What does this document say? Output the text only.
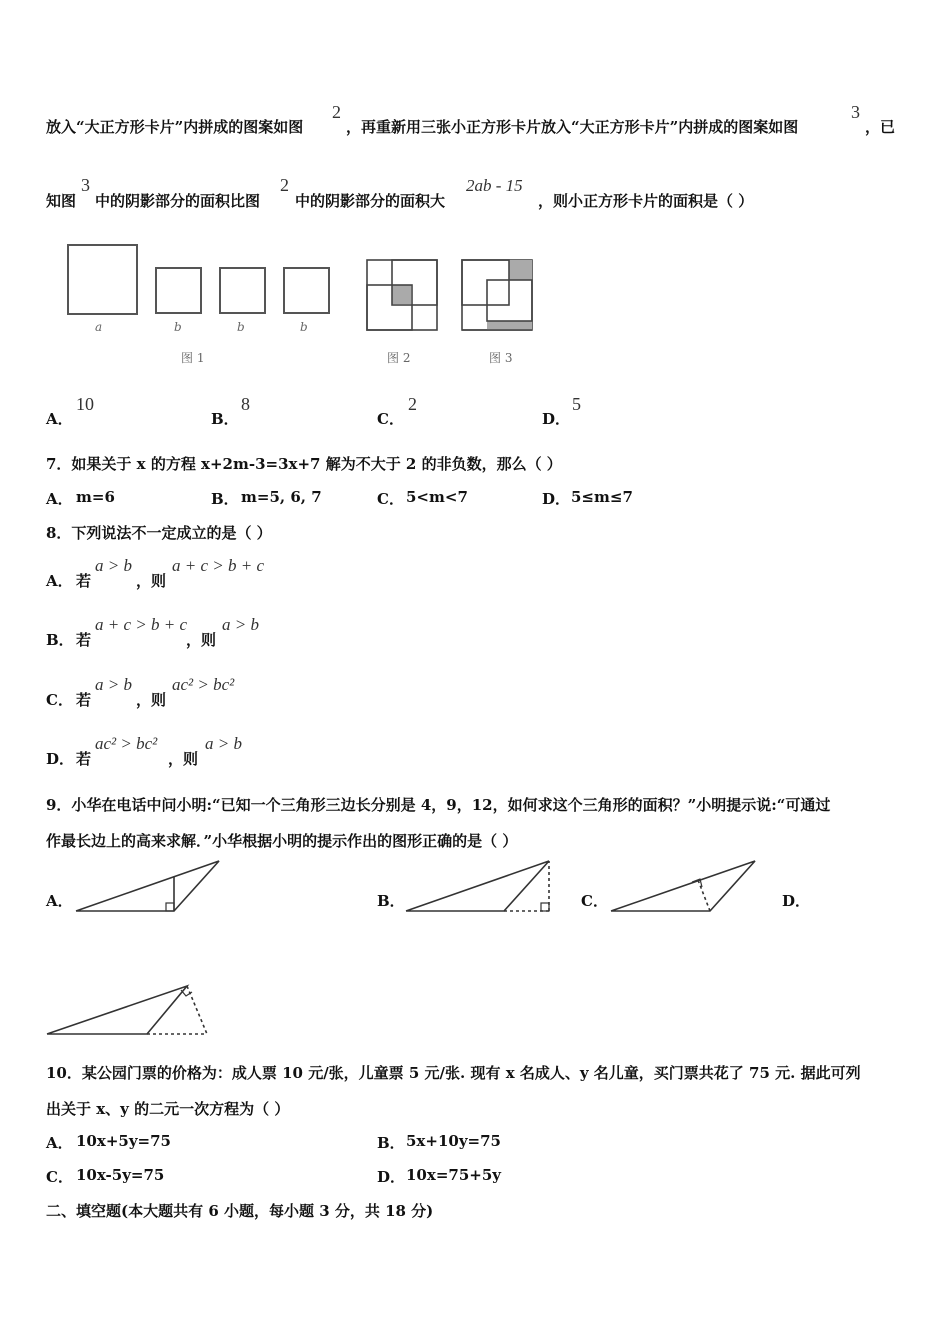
放入“大正方形卡片”内拼成的图案如图
2
，再重新用三张小正方形卡片放入“大正方形卡片”内拼成的图案如图
3
，已
知图
3
中的阴影部分的面积比图
2
中的阴影部分的面积大
2ab - 15
，则小正方形卡片的面积是（ ）
a	b	b	b
图 1	图 2	图 3
A．
10
B．
8
C．
2
D．
5
7．如果关于 x 的方程 x+2m-3=3x+7 解为不大于 2 的非负数，那么（ ）
A． m=6	B． m=5, 6, 7	C． 5<m<7	D． 5≤m≤7
8．下列说法不一定成立的是（ ）
A． 若
a > b
，则
a + c > b + c
B． 若
a + c > b + c
，则
a > b
C． 若
a > b
，则
ac² > bc²
D． 若
ac² > bc²
，则
a > b
9．小华在电话中问小明:“已知一个三角形三边长分别是 4，9，12，如何求这个三角形的面积？”小明提示说:“可通过
作最长边上的高来求解．”小华根据小明的提示作出的图形正确的是（ ）
A．	B．	C．	D．
10．某公园门票的价格为：成人票 10 元/张，儿童票 5 元/张. 现有 x 名成人、y 名儿童，买门票共花了 75 元. 据此可列
出关于 x、y 的二元一次方程为（ ）
A． 10x+5y=75	B． 5x+10y=75
C． 10x-5y=75	D． 10x=75+5y
二、填空题(本大题共有 6 小题，每小题 3 分，共 18 分)
